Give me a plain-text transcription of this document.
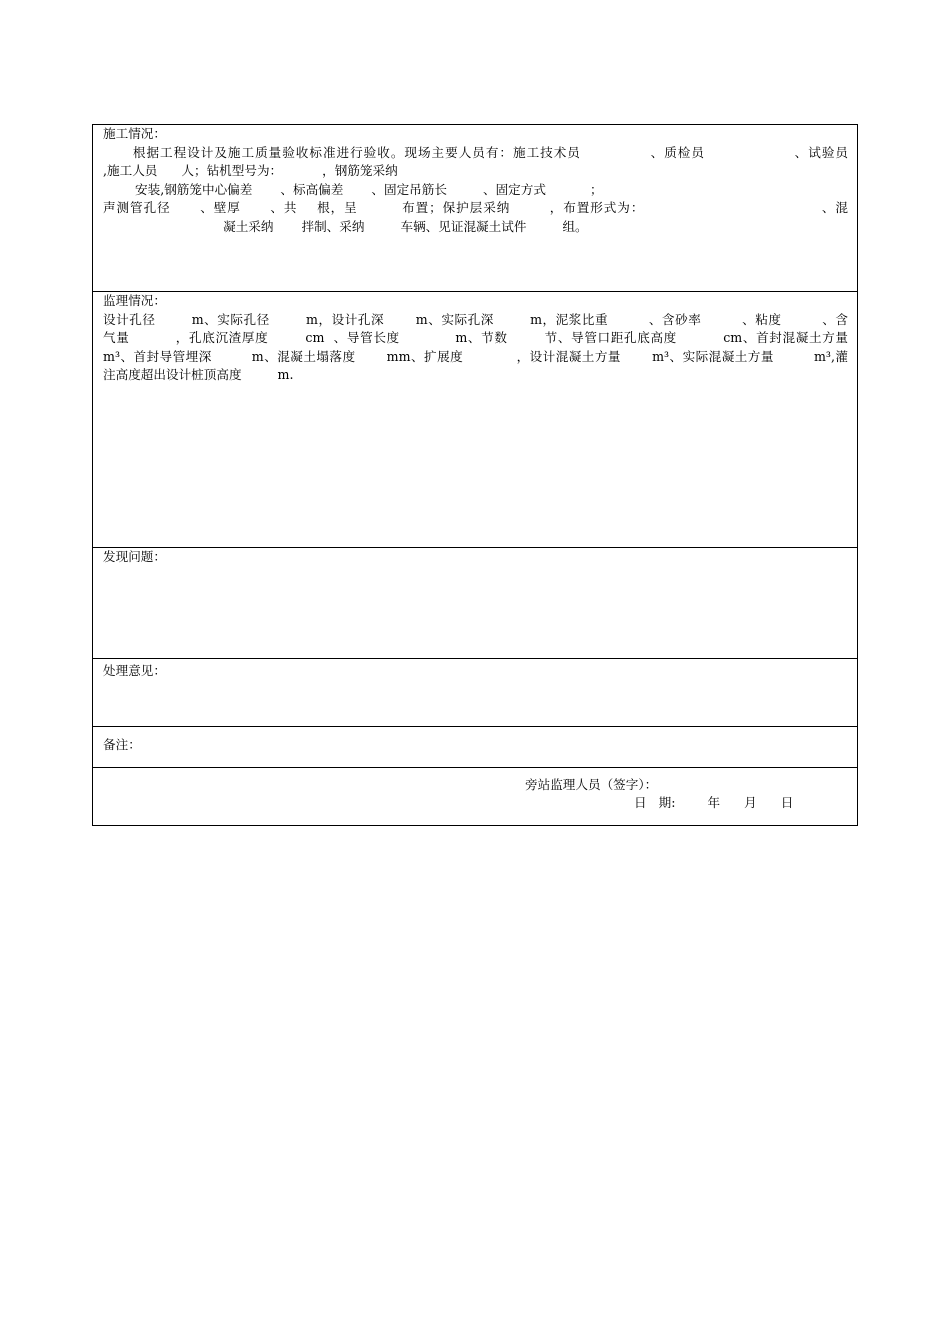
施工情况：
根据工程设计及施工质量验收标准进行验收。现场主要人员有：施工技术员              、质检员                  、试验员
,施工人员      人；钻机型号为：          ，钢筋笼采纳
安装,钢筋笼中心偏差       、标高偏差       、固定吊筋长         、固定方式           ；
声测管孔径      、壁厚      、共    根，呈         布置；保护层采纳        ，布置形式为：                                    、混
凝土采纳       拌制、采纳         车辆、见证混凝土试件         组。
监理情况：
设计孔径        m、实际孔径        m，设计孔深       m、实际孔深        m，泥浆比重         、含砂率         、粘度         、含
气量          ，孔底沉渣厚度        cm  、导管长度            m、节数        节、导管口距孔底高度          cm、首封混凝土方量
m³、首封导管埋深         m、混凝土塌落度       mm、扩展度            ，设计混凝土方量       m³、实际混凝土方量         m³,灌
注高度超出设计桩顶高度         m.
发现问题：
处理意见：
备注：
旁站监理人员（签字）：
日   期:        年      月      日
